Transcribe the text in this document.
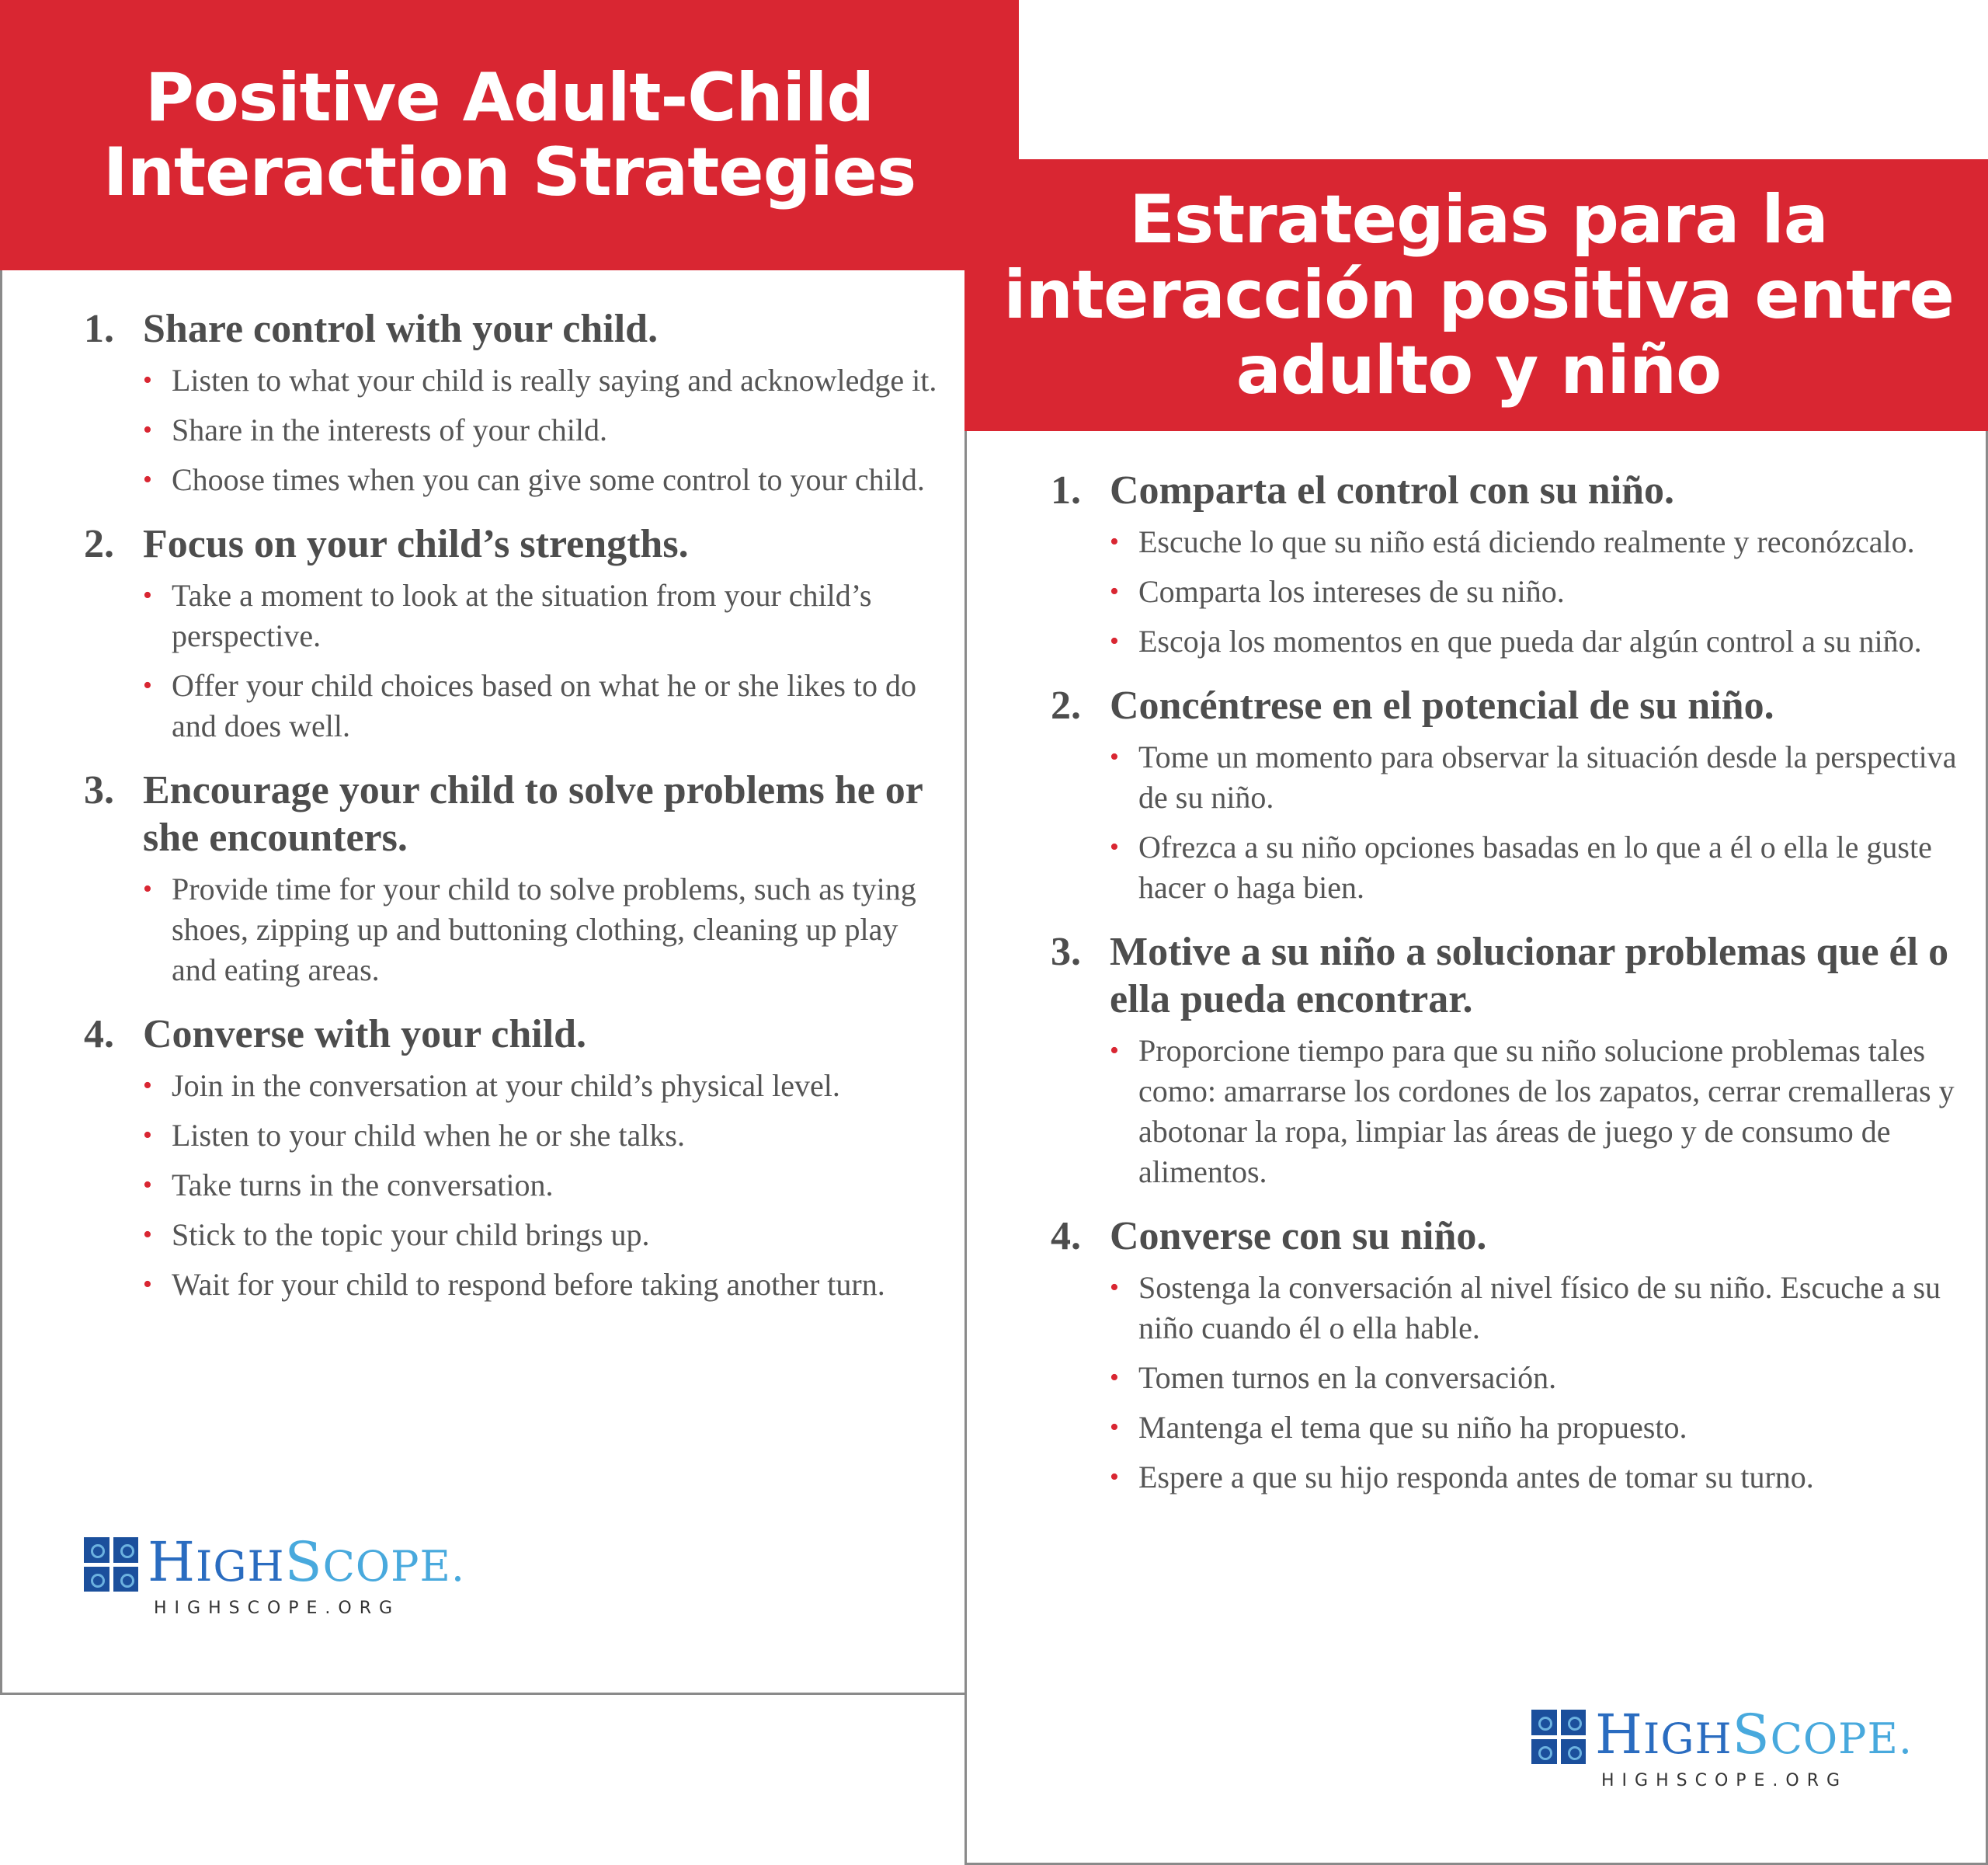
Positive Adult-Child
Interaction Strategies
1. Share control with your child.
• Listen to what your child is really saying and acknowledge it.
• Share in the interests of your child.
• Choose times when you can give some control to your child.
2. Focus on your child’s strengths.
• Take a moment to look at the situation from your child’s perspective.
• Offer your child choices based on what he or she likes to do and does well.
3. Encourage your child to solve problems he or she encounters.
• Provide time for your child to solve problems, such as tying shoes, zipping up and buttoning clothing, cleaning up play and eating areas.
4. Converse with your child.
• Join in the conversation at your child’s physical level.
• Listen to your child when he or she talks.
• Take turns in the conversation.
• Stick to the topic your child brings up.
• Wait for your child to respond before taking another turn.
HIGHSCOPE.
HIGHSCOPE.ORG
Estrategias para la
interacción positiva entre
adulto y niño
1. Comparta el control con su niño.
• Escuche lo que su niño está diciendo realmente y reconózcalo.
• Comparta los intereses de su niño.
• Escoja los momentos en que pueda dar algún control a su niño.
2. Concéntrese en el potencial de su niño.
• Tome un momento para observar la situación desde la perspectiva de su niño.
• Ofrezca a su niño opciones basadas en lo que a él o ella le guste hacer o haga bien.
3. Motive a su niño a solucionar problemas que él o ella pueda encontrar.
• Proporcione tiempo para que su niño solucione problemas tales como: amarrarse los cordones de los zapatos, cerrar cremalleras y abotonar la ropa, limpiar las áreas de juego y de consumo de alimentos.
4. Converse con su niño.
• Sostenga la conversación al nivel físico de su niño. Escuche a su niño cuando él o ella hable.
• Tomen turnos en la conversación.
• Mantenga el tema que su niño ha propuesto.
• Espere a que su hijo responda antes de tomar su turno.
HIGHSCOPE.
HIGHSCOPE.ORG
